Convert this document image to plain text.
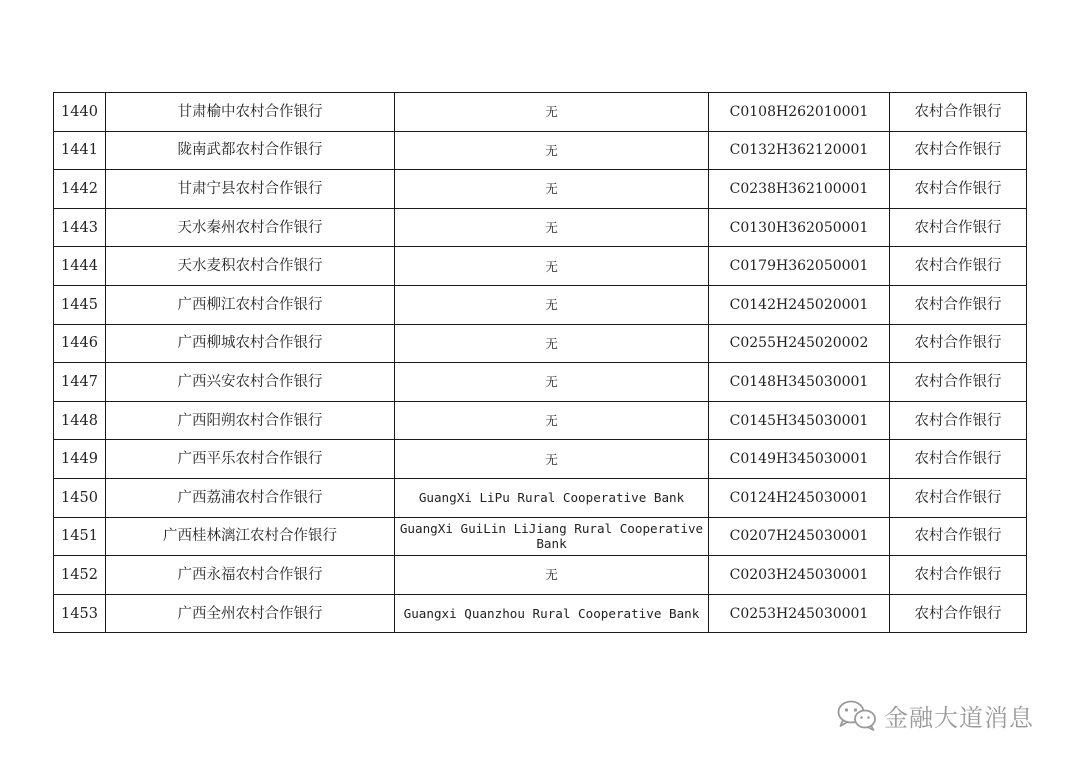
1440	甘肃榆中农村合作银行	无	C0108H262010001	农村合作银行
1441	陇南武都农村合作银行	无	C0132H362120001	农村合作银行
1442	甘肃宁县农村合作银行	无	C0238H362100001	农村合作银行
1443	天水秦州农村合作银行	无	C0130H362050001	农村合作银行
1444	天水麦积农村合作银行	无	C0179H362050001	农村合作银行
1445	广西柳江农村合作银行	无	C0142H245020001	农村合作银行
1446	广西柳城农村合作银行	无	C0255H245020002	农村合作银行
1447	广西兴安农村合作银行	无	C0148H345030001	农村合作银行
1448	广西阳朔农村合作银行	无	C0145H345030001	农村合作银行
1449	广西平乐农村合作银行	无	C0149H345030001	农村合作银行
1450	广西荔浦农村合作银行	GuangXi LiPu Rural Cooperative Bank	C0124H245030001	农村合作银行
1451	广西桂林漓江农村合作银行	GuangXi GuiLin LiJiang Rural Cooperative Bank	C0207H245030001	农村合作银行
1452	广西永福农村合作银行	无	C0203H245030001	农村合作银行
1453	广西全州农村合作银行	Guangxi Quanzhou Rural Cooperative Bank	C0253H245030001	农村合作银行
金融大道消息
